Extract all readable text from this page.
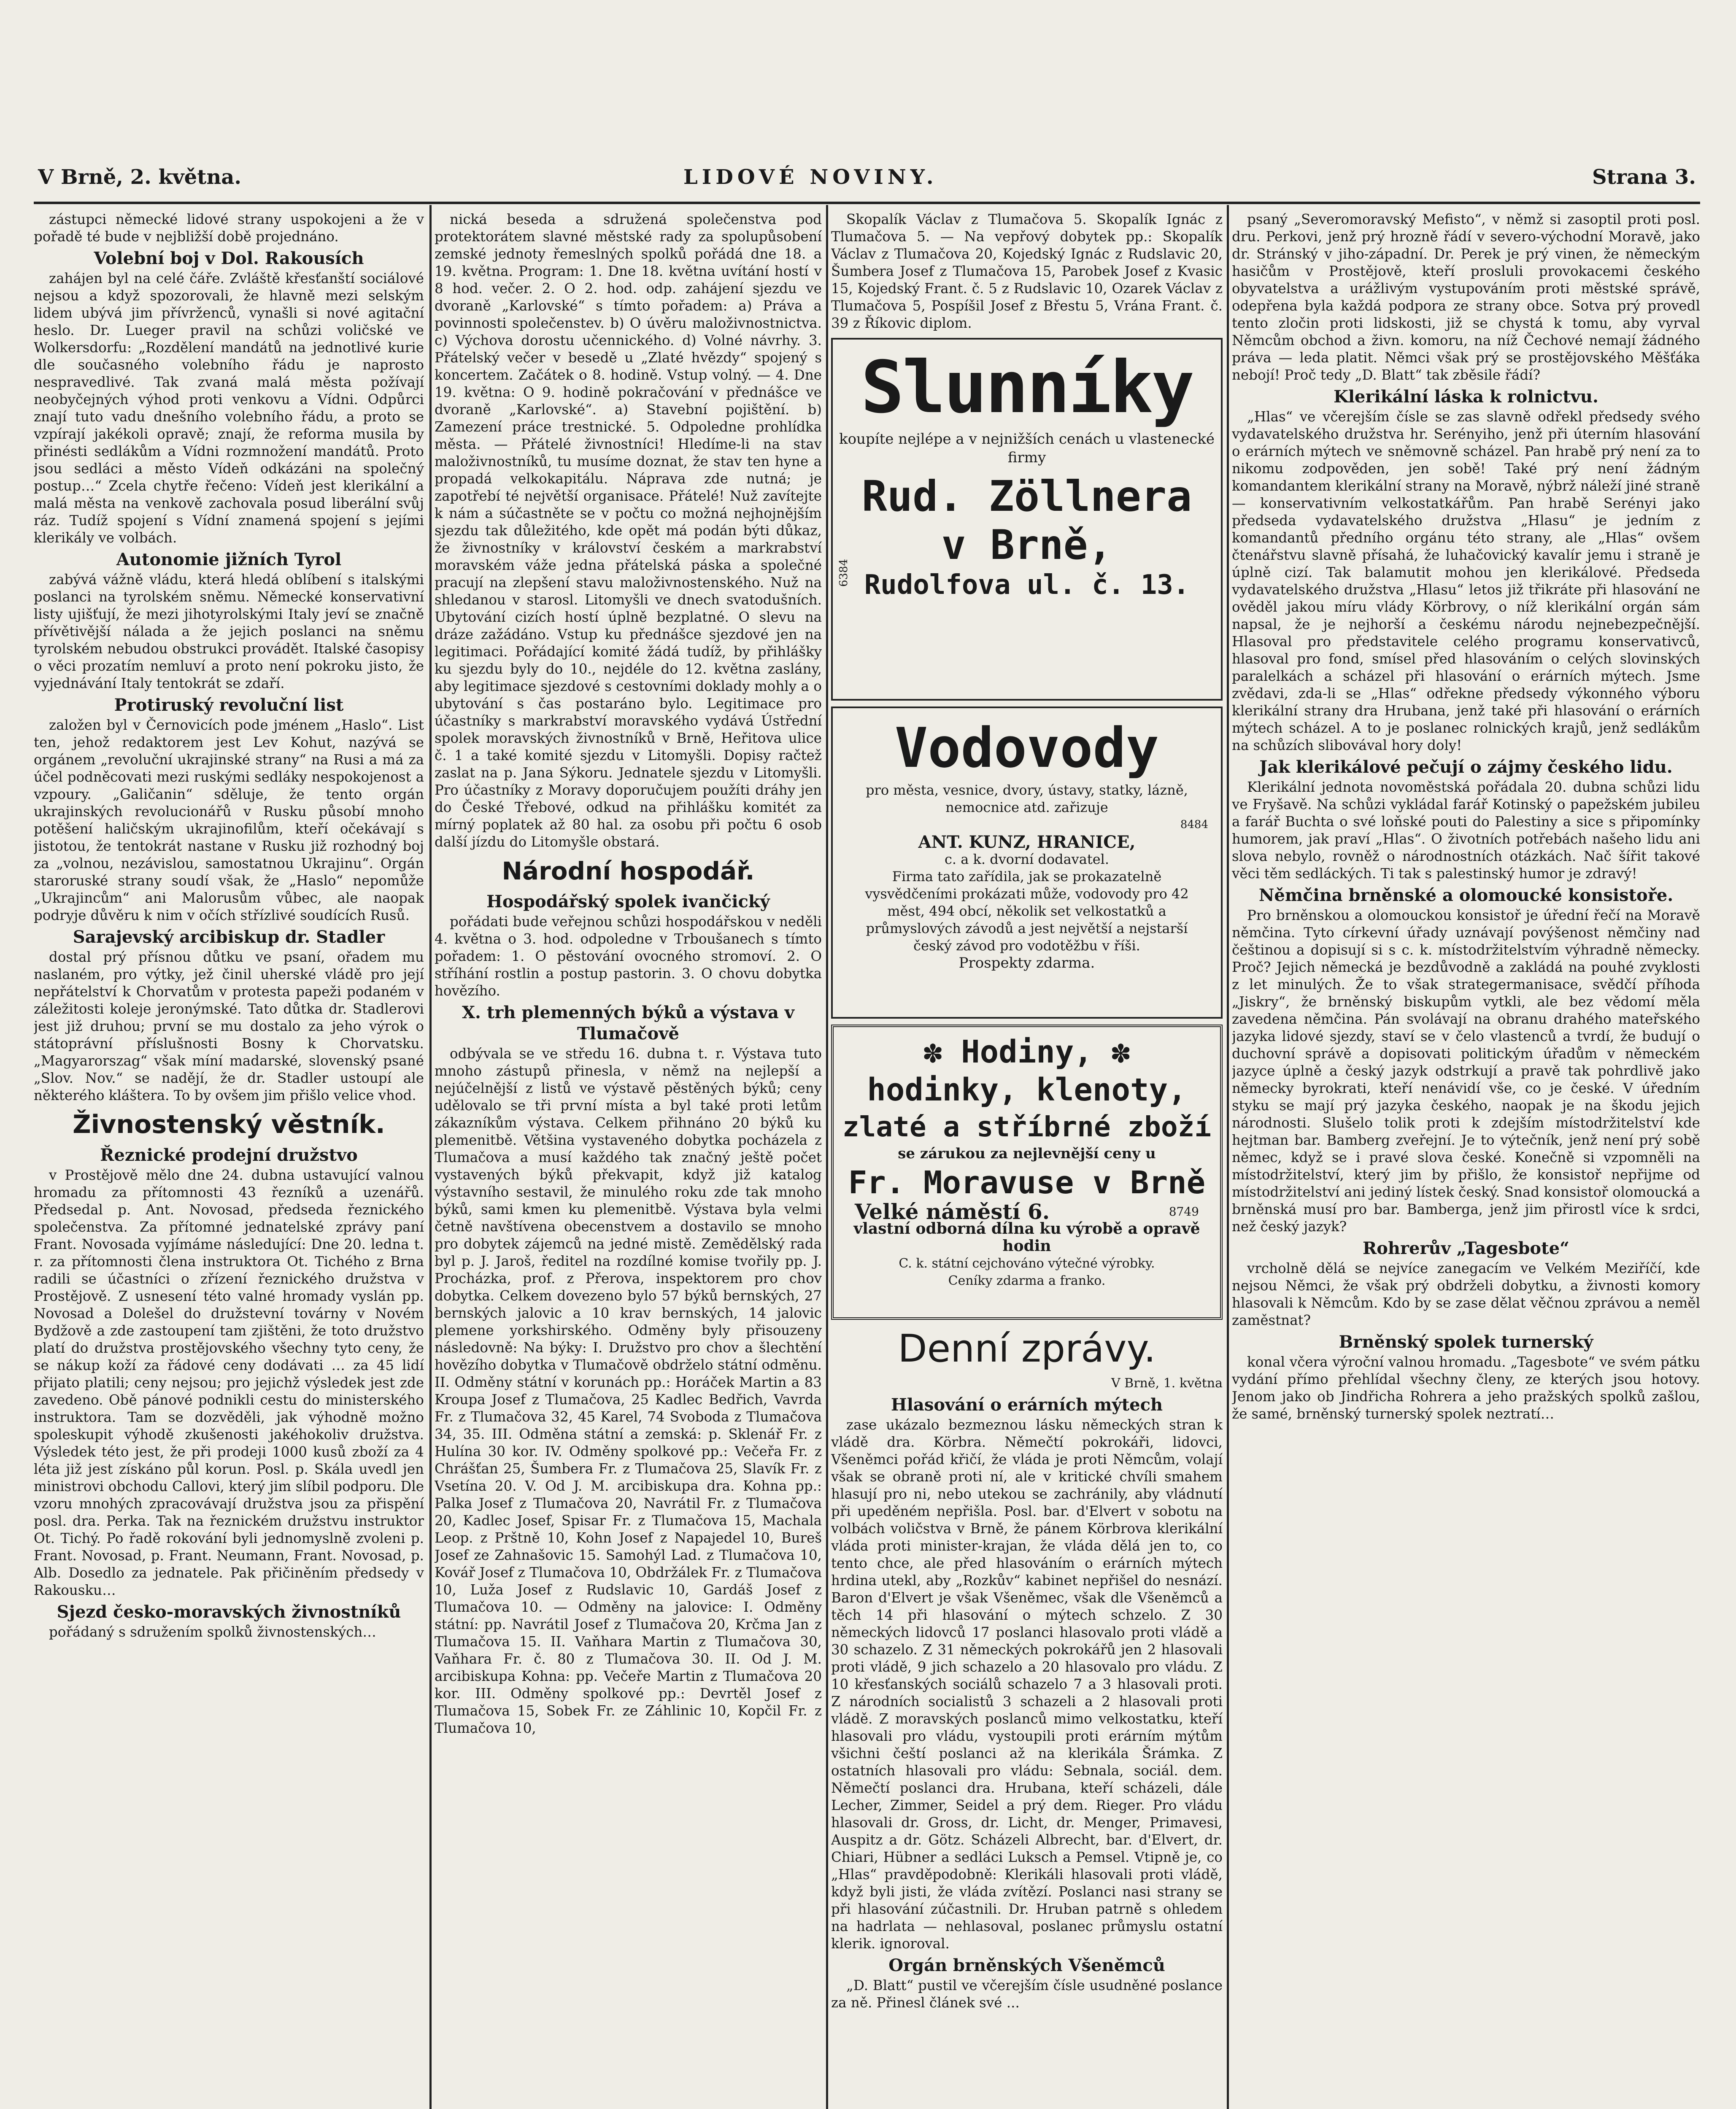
V Brně, 2. května.	LIDOVÉ NOVINY.	Strana 3.

zástupci německé lidové strany uspokojeni a že v pořadě té bude v nejbližší době projednáno.

Volební boj v Dol. Rakousích

zahájen byl na celé čáře. Zvláště křesťanští sociálové nejsou a když spozorovali, že hlavně mezi selským lidem ubývá jim přívrženců, vynašli si nové agitační heslo. Dr. Lueger pravil na schůzi voličské ve Wolkersdorfu: „Rozdělení mandátů na jednotlivé kurie dle současného volebního řádu je naprosto nespravedlivé. Tak zvaná malá města požívají neobyčejných výhod proti venkovu a Vídni. Odpůrci znají tuto vadu dnešního volebního řádu, a proto se vzpírají jakékoli opravě; znají, že reforma musila by přinésti sedlákům a Vídni rozmnožení mandátů. Proto jsou sedláci a město Vídeň odkázáni na společný postup…“ Zcela chytře řečeno: Vídeň jest klerikální a malá města na venkově zachovala posud liberální svůj ráz. Tudíž spojení s Vídní znamená spojení s jejími klerikály ve volbách.

Autonomie jižních Tyrol

zabývá vážně vládu, která hledá oblíbení s italskými poslanci na tyrolském sněmu. Německé konservativní listy ujišťují, že mezi jihotyrolskými Italy jeví se značně přívětivější nálada a že jejich poslanci na sněmu tyrolském nebudou obstrukci provádět. Italské časopisy o věci prozatím nemluví a proto není pokroku jisto, že vyjednávání Italy tentokrát se zdaří.

Protiruský revoluční list

založen byl v Černovicích pode jménem „Haslo“. List ten, jehož redaktorem jest Lev Kohut, nazývá se orgánem „revoluční ukrajinské strany“ na Rusi a má za účel podněcovati mezi ruskými sedláky nespokojenost a vzpoury. „Galičanin“ sděluje, že tento orgán ukrajinských revolucionářů v Rusku působí mnoho potěšení haličským ukrajinofilům, kteří očekávají s jistotou, že tentokrát nastane v Rusku již rozhodný boj za „volnou, nezávislou, samostatnou Ukrajinu“. Orgán staroruské strany soudí však, že „Haslo“ nepomůže „Ukrajincům“ ani Malorusům vůbec, ale naopak podryje důvěru k nim v očích střízlivé soudících Rusů.

Sarajevský arcibiskup dr. Stadler

dostal prý přísnou důtku ve psaní, ořadem mu naslaném, pro výtky, jež činil uherské vládě pro její nepřátelství k Chorvatům v protesta papeži podaném v záležitosti koleje jeronýmské. Tato důtka dr. Stadlerovi jest již druhou; první se mu dostalo za jeho výrok o státoprávní příslušnosti Bosny k Chorvatsku. „Magyarorszag“ však míní madarské, slovenský psané „Slov. Nov.“ se nadějí, že dr. Stadler ustoupí ale některého kláštera. To by ovšem jim přišlo velice vhod.

Živnostenský věstník.
Řeznické prodejní družstvo

v Prostějově mělo dne 24. dubna ustavující valnou hromadu za přítomnosti 43 řezníků a uzenářů. Předsedal p. Ant. Novosad, předseda řeznického společenstva. Za přítomné jednatelské zprávy paní Frant. Novosada vyjímáme následující: Dne 20. ledna t. r. za přítomnosti člena instruktora Ot. Tichého z Brna radili se účastníci o zřízení řeznického družstva v Prostějově. Z usnesení této valné hromady vyslán pp. Novosad a Dolešel do družstevní továrny v Novém Bydžově a zde zastoupení tam zjištěni, že toto družstvo platí do družstva prostějovského všechny tyto ceny, že se nákup koží za řádové ceny dodávati … za 45 lidí přijato platili; ceny nejsou; pro jejichž výsledek jest zde zavedeno. Obě pánové podnikli cestu do ministerského instruktora. Tam se dozvěděli, jak výhodně možno spoleskupit výhodě zkušenosti jakéhokoliv družstva. Výsledek této jest, že při prodeji 1000 kusů zboží za 4 léta již jest získáno půl korun. Posl. p. Skála uvedl jen ministrovi obchodu Callovi, který jim slíbil podporu. Dle vzoru mnohých zpracovávají družstva jsou za přispění posl. dra. Perka. Tak na řeznickém družstvu instruktor Ot. Tichý. Po řadě rokování byli jednomyslně zvoleni p. Frant. Novosad, p. Frant. Neumann, Frant. Novosad, p. Alb. Dosedlo za jednatele. Pak přičiněním předsedy v Rakousku…

Sjezd česko-moravských živnostníků

pořádaný s sdružením spolků živnostenských…

nická beseda a sdružená společenstva pod protektorátem slavné městské rady za spolupůsobení zemské jednoty řemeslných spolků pořádá dne 18. a 19. května. Program: 1. Dne 18. května uvítání hostí v 8 hod. večer. 2. O 2. hod. odp. zahájení sjezdu ve dvoraně „Karlovské“ s tímto pořadem: a) Práva a povinnosti společenstev. b) O úvěru maloživnostnictva. c) Výchova dorostu učennického. d) Volné návrhy. 3. Přátelský večer v besedě u „Zlaté hvězdy“ spojený s koncertem. Začátek o 8. hodině. Vstup volný. — 4. Dne 19. května: O 9. hodině pokračování v přednášce ve dvoraně „Karlovské“. a) Stavební pojištění. b) Zamezení práce trestnické. 5. Odpoledne prohlídka města. — Přátelé živnostníci! Hledíme-li na stav maloživnostníků, tu musíme doznat, že stav ten hyne a propadá velkokapitálu. Náprava zde nutná; je zapotřebí té největší organisace. Přátelé! Nuž zavítejte k nám a súčastněte se v počtu co možná nejhojnějším sjezdu tak důležitého, kde opět má podán býti důkaz, že živnostníky v království českém a markrabství moravském váže jedna přátelská páska a společné pracují na zlepšení stavu maloživnostenského. Nuž na shledanou v starosl. Litomyšli ve dnech svatodušních. Ubytování cizích hostí úplně bezplatné. O slevu na dráze zažádáno. Vstup ku přednášce sjezdové jen na legitimaci. Pořádající komité žádá tudíž, by přihlášky ku sjezdu byly do 10., nejdéle do 12. května zaslány, aby legitimace sjezdové s cestovními doklady mohly a o ubytování s čas postaráno bylo. Legitimace pro účastníky s markrabství moravského vydává Ústřední spolek moravských živnostníků v Brně, Heřitova ulice č. 1 a také komité sjezdu v Litomyšli. Dopisy račtež zaslat na p. Jana Sýkoru. Jednatele sjezdu v Litomyšli. Pro účastníky z Moravy doporučujem použíti dráhy jen do České Třebové, odkud na přihlášku komitét za mírný poplatek až 80 hal. za osobu při počtu 6 osob další jízdu do Litomyšle obstará.

Národní hospodář.
Hospodářský spolek ivančický

pořádati bude veřejnou schůzi hospodářskou v neděli 4. května o 3. hod. odpoledne v Trboušanech s tímto pořadem: 1. O pěstování ovocného stromoví. 2. O stříhání rostlin a postup pastorin. 3. O chovu dobytka hovězího.

X. trh plemenných býků a výstava v Tlumačově

odbývala se ve středu 16. dubna t. r. Výstava tuto mnoho zástupů přinesla, v němž na nejlepší a nejúčelnější z listů ve výstavě pěstěných býků; ceny udělovalo se tři první místa a byl také proti letům zákazníkům výstava. Celkem přihnáno 20 býků ku plemenitbě. Většina vystaveného dobytka pocházela z Tlumačova a musí každého tak značný ještě počet vystavených býků překvapit, když již katalog výstavního sestavil, že minulého roku zde tak mnoho býků, sami kmen ku plemenitbě. Výstava byla velmi četně navštívena obecenstvem a dostavilo se mnoho pro dobytek zájemců na jedné mistě. Zemědělský rada byl p. J. Jaroš, ředitel na rozdílné komise tvořily pp. J. Procházka, prof. z Přerova, inspektorem pro chov dobytka. Celkem dovezeno bylo 57 býků bernských, 27 bernských jalovic a 10 krav bernských, 14 jalovic plemene yorkshirského. Odměny byly přisouzeny následovně: Na býky: I. Družstvo pro chov a šlechtění hovězího dobytka v Tlumačově obdrželo státní odměnu. II. Odměny státní v korunách pp.: Horáček Martin a 83 Kroupa Josef z Tlumačova, 25 Kadlec Bedřich, Vavrda Fr. z Tlumačova 32, 45 Karel, 74 Svoboda z Tlumačova 34, 35. III. Odměna státní a zemská: p. Sklenář Fr. z Hulína 30 kor. IV. Odměny spolkové pp.: Večeřa Fr. z Chrášťan 25, Šumbera Fr. z Tlumačova 25, Slavík Fr. z Vsetína 20. V. Od J. M. arcibiskupa dra. Kohna pp.: Palka Josef z Tlumačova 20, Navrátil Fr. z Tlumačova 20, Kadlec Josef, Spisar Fr. z Tlumačova 15, Machala Leop. z Prštně 10, Kohn Josef z Napajedel 10, Bureš Josef ze Zahnašovic 15. Samohýl Lad. z Tlumačova 10, Kovář Josef z Tlumačova 10, Obdržálek Fr. z Tlumačova 10, Luža Josef z Rudslavic 10, Gardáš Josef z Tlumačova 10. — Odměny na jalovice: I. Odměny státní: pp. Navrátil Josef z Tlumačova 20, Krčma Jan z Tlumačova 15. II. Vaňhara Martin z Tlumačova 30, Vaňhara Fr. č. 80 z Tlumačova 30. II. Od J. M. arcibiskupa Kohna: pp. Večeře Martin z Tlumačova 20 kor. III. Odměny spolkové pp.: Devrtěl Josef z Tlumačova 15, Sobek Fr. ze Záhlinic 10, Kopčil Fr. z Tlumačova 10,

Skopalík Václav z Tlumačova 5. Skopalík Ignác z Tlumačova 5. — Na vepřový dobytek pp.: Skopalík Václav z Tlumačova 20, Kojedský Ignác z Rudslavic 20, Šumbera Josef z Tlumačova 15, Parobek Josef z Kvasic 15, Kojedský Frant. č. 5 z Rudslavic 10, Ozarek Václav z Tlumačova 5, Pospíšil Josef z Břestu 5, Vrána Frant. č. 39 z Říkovic diplom.

Slunníky

koupíte nejlépe a v nejnižších cenách u vlastenecké firmy

Rud. Zöllnera
v Brně,
Rudolfova ul. č. 13.
6384
Vodovody

pro města, vesnice, dvory, ústavy, statky, lázně, nemocnice atd. zařizuje

8484

ANT. KUNZ, HRANICE,

c. a k. dvorní dodavatel.

Firma tato zařídila, jak se prokazatelně vysvědčeními prokázati může, vodovody pro 42 měst, 494 obcí, několik set velkostatků a průmyslových závodů a jest největší a nejstarší český závod pro vodotěžbu v říši.

Prospekty zdarma.

✽ Hodiny, ✽
hodinky, klenoty,
zlaté a stříbrné zboží

se zárukou za nejlevnější ceny u

Fr. Moravuse v Brně
Velké náměstí 6.	8749

vlastní odborná dílna ku výrobě a opravě hodin

C. k. státní cejchováno výtečné výrobky.

Ceníky zdarma a franko.

Denní zprávy.

V Brně, 1. května

Hlasování o erárních mýtech

zase ukázalo bezmeznou lásku německých stran k vládě dra. Körbra. Němečtí pokrokáři, lidovci, Všeněmci pořád křičí, že vláda je proti Němcům, volají však se obraně proti ní, ale v kritické chvíli smahem hlasují pro ni, nebo utekou se zachránily, aby vládnutí při upeděném nepřišla. Posl. bar. d'Elvert v sobotu na volbách voličstva v Brně, že pánem Körbrova klerikální vláda proti minister-krajan, že vláda dělá jen to, co tento chce, ale před hlasováním o erárních mýtech hrdina utekl, aby „Rozkův“ kabinet nepřišel do nesnází. Baron d'Elvert je však Všeněmec, však dle Všeněmců a těch 14 při hlasování o mýtech schzelo. Z 30 německých lidovců 17 poslanci hlasovalo proti vládě a 30 schazelo. Z 31 německých pokrokářů jen 2 hlasovali proti vládě, 9 jich schazelo a 20 hlasovalo pro vládu. Z 10 křesťanských sociálů schazelo 7 a 3 hlasovali proti. Z národních socialistů 3 schazeli a 2 hlasovali proti vládě. Z moravských poslanců mimo velkostatku, kteří hlasovali pro vládu, vystoupili proti erárním mýtům všichni čeští poslanci až na klerikála Šrámka. Z ostatních hlasovali pro vládu: Sebnala, sociál. dem. Němečtí poslanci dra. Hrubana, kteří scházeli, dále Lecher, Zimmer, Seidel a prý dem. Rieger. Pro vládu hlasovali dr. Gross, dr. Licht, dr. Menger, Primavesi, Auspitz a dr. Götz. Scházeli Albrecht, bar. d'Elvert, dr. Chiari, Hübner a sedláci Luksch a Pemsel. Vtipně je, co „Hlas“ pravděpodobně: Klerikáli hlasovali proti vládě, když byli jisti, že vláda zvítězí. Poslanci nasi strany se při hlasování zúčastnili. Dr. Hruban patrně s ohledem na hadrlata — nehlasoval, poslanec průmyslu ostatní klerik. ignoroval.

Orgán brněnských Všeněmců

„D. Blatt“ pustil ve včerejším čísle usudněné poslance za ně. Přinesl článek své ...

psaný „Severomoravský Mefisto“, v němž si zasoptil proti posl. dru. Perkovi, jenž prý hrozně řádí v severo-východní Moravě, jako dr. Stránský v jiho-západní. Dr. Perek je prý vinen, že německým hasičům v Prostějově, kteří prosluli provokacemi českého obyvatelstva a urážlivým vystupováním proti městské správě, odepřena byla každá podpora ze strany obce. Sotva prý provedl tento zločin proti lidskosti, již se chystá k tomu, aby vyrval Němcům obchod a živn. komoru, na níž Čechové nemají žádného práva — leda platit. Němci však prý se prostějovského Měšťáka nebojí! Proč tedy „D. Blatt“ tak zběsile řádí?

Klerikální láska k rolnictvu.

„Hlas“ ve včerejším čísle se zas slavně odřekl předsedy svého vydavatelského družstva hr. Serényiho, jenž při úterním hlasování o erárních mýtech ve sněmovně scházel. Pan hrabě prý není za to nikomu zodpověden, jen sobě! Také prý není žádným komandantem klerikální strany na Moravě, nýbrž náleží jiné straně — konservativním velkostatkářům. Pan hrabě Serényi jako předseda vydavatelského družstva „Hlasu“ je jedním z komandantů předního orgánu této strany, ale „Hlas“ ovšem čtenářstvu slavně přísahá, že luhačovický kavalír jemu i straně je úplně cizí. Tak balamutit mohou jen klerikálové. Předseda vydavatelského družstva „Hlasu“ letos již třikráte při hlasování ne ověděl jakou míru vlády Körbrovy, o níž klerikální orgán sám napsal, že je nejhorší a českému národu nejnebezpečnější. Hlasoval pro představitele celého programu konservativců, hlasoval pro fond, smísel před hlasováním o celých slovinských paralelkách a scházel při hlasování o erárních mýtech. Jsme zvědavi, zda-li se „Hlas“ odřekne předsedy výkonného výboru klerikální strany dra Hrubana, jenž také při hlasování o erárních mýtech scházel. A to je poslanec rolnických krajů, jenž sedlákům na schůzích slibovával hory doly!

Jak klerikálové pečují o zájmy českého lidu.

Klerikální jednota novoměstská pořádala 20. dubna schůzi lidu ve Fryšavě. Na schůzi vykládal farář Kotinský o papežském jubileu a farář Buchta o své loňské pouti do Palestiny a sice s připomínky humorem, jak praví „Hlas“. O životních potřebách našeho lidu ani slova nebylo, rovněž o národnostních otázkách. Nač šířit takové věci těm sedláckých. Ti tak s palestinský humor je zdravý!

Němčina brněnské a olomoucké konsistoře.

Pro brněnskou a olomouckou konsistoř je úřední řečí na Moravě němčina. Tyto církevní úřady uznávají povýšenost němčiny nad češtinou a dopisují si s c. k. místodržitelstvím výhradně německy. Proč? Jejich německá je bezdůvodně a zakládá na pouhé zvyklosti z let minulých. Že to však strategermanisace, svědčí příhoda „Jiskry“, že brněnský biskupům vytkli, ale bez vědomí měla zavedena němčina. Pán svolávají na obranu drahého mateřského jazyka lidové sjezdy, staví se v čelo vlastenců a tvrdí, že budují o duchovní správě a dopisovati politickým úřadům v německém jazyce úplně a český jazyk odstrkují a pravě tak pohrdlivě jako německy byrokrati, kteří nenávidí vše, co je české. V úředním styku se mají prý jazyka českého, naopak je na škodu jejich národnosti. Slušelo tolik proti k zdejším místodržitelství kde hejtman bar. Bamberg zveřejní. Je to výtečník, jenž není prý sobě němec, když se i pravé slova české. Konečně si vzpomněli na místodržitelství, který jim by přišlo, že konsistoř nepřijme od místodržitelství ani jediný lístek český. Snad konsistoř olomoucká a brněnská musí pro bar. Bamberga, jenž jim přirostl více k srdci, než český jazyk?

Rohrerův „Tagesbote“

vrcholně dělá se nejvíce zanegacím ve Velkém Meziříčí, kde nejsou Němci, že však prý obdrželi dobytku, a živnosti komory hlasovali k Němcům. Kdo by se zase dělat věčnou zprávou a neměl zaměstnat?

Brněnský spolek turnerský

konal včera výroční valnou hromadu. „Tagesbote“ ve svém pátku vydání přímo přehlídal všechny členy, ze kterých jsou hotovy. Jenom jako ob Jindřicha Rohrera a jeho pražských spolků zašlou, že samé, brněnský turnerský spolek neztratí…
